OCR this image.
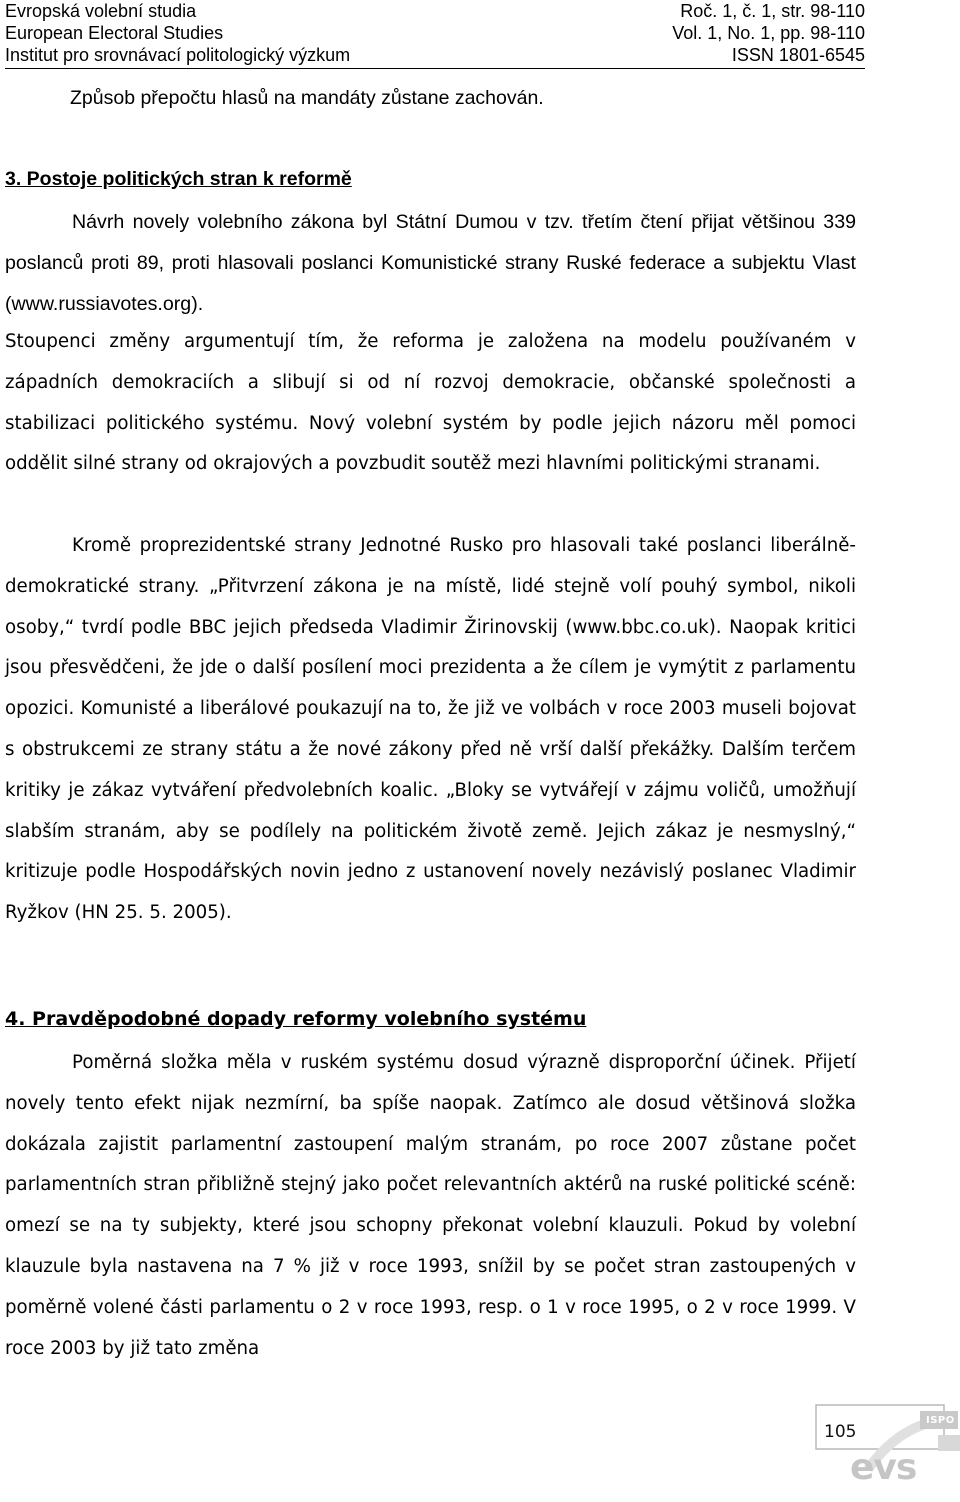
Evropská volební studia	Roč. 1, č. 1, str. 98-110
European Electoral Studies	Vol. 1, No. 1, pp. 98-110
Institut pro srovnávací politologický výzkum	ISSN 1801-6545
Způsob přepočtu hlasů na mandáty zůstane zachován.
3. Postoje politických stran k reformě

Návrh novely volebního zákona byl Státní Dumou v tzv. třetím čtení přijat většinou 339 poslanců proti 89, proti hlasovali poslanci Komunistické strany Ruské federace a subjektu Vlast (www.russiavotes.org).

Stoupenci změny argumentují tím, že reforma je založena na modelu používaném v západních demokraciích a slibují si od ní rozvoj demokracie, občanské společnosti a stabilizaci politického systému. Nový volební systém by podle jejich názoru měl pomoci oddělit silné strany od okrajových a povzbudit soutěž mezi hlavními politickými stranami.

Kromě proprezidentské strany Jednotné Rusko pro hlasovali také poslanci liberálně-demokratické strany. „Přitvrzení zákona je na místě, lidé stejně volí pouhý symbol, nikoli osoby,“ tvrdí podle BBC jejich předseda Vladimir Žirinovskij (www.bbc.co.uk). Naopak kritici jsou přesvědčeni, že jde o další posílení moci prezidenta a že cílem je vymýtit z parlamentu opozici. Komunisté a liberálové poukazují na to, že již ve volbách v roce 2003 museli bojovat s obstrukcemi ze strany státu a že nové zákony před ně vrší další překážky. Dalším terčem kritiky je zákaz vytváření předvolebních koalic. „Bloky se vytvářejí v zájmu voličů, umožňují slabším stranám, aby se podílely na politickém životě země. Jejich zákaz je nesmyslný,“ kritizuje podle Hospodářských novin jedno z ustanovení novely nezávislý poslanec Vladimir Ryžkov (HN 25. 5. 2005).

4. Pravděpodobné dopady reformy volebního systému

Poměrná složka měla v ruském systému dosud výrazně disproporční účinek. Přijetí novely tento efekt nijak nezmírní, ba spíše naopak. Zatímco ale dosud většinová složka dokázala zajistit parlamentní zastoupení malým stranám, po roce 2007 zůstane počet parlamentních stran přibližně stejný jako počet relevantních aktérů na ruské politické scéně: omezí se na ty subjekty, které jsou schopny překonat volební klauzuli. Pokud by volební klauzule byla nastavena na 7 % již v roce 1993, snížil by se počet stran zastoupených v poměrně volené části parlamentu o 2 v roce 1993, resp. o 1 v roce 1995, o 2 v roce 1999. V roce 2003 by již tato změna

105
ISPO
evs
